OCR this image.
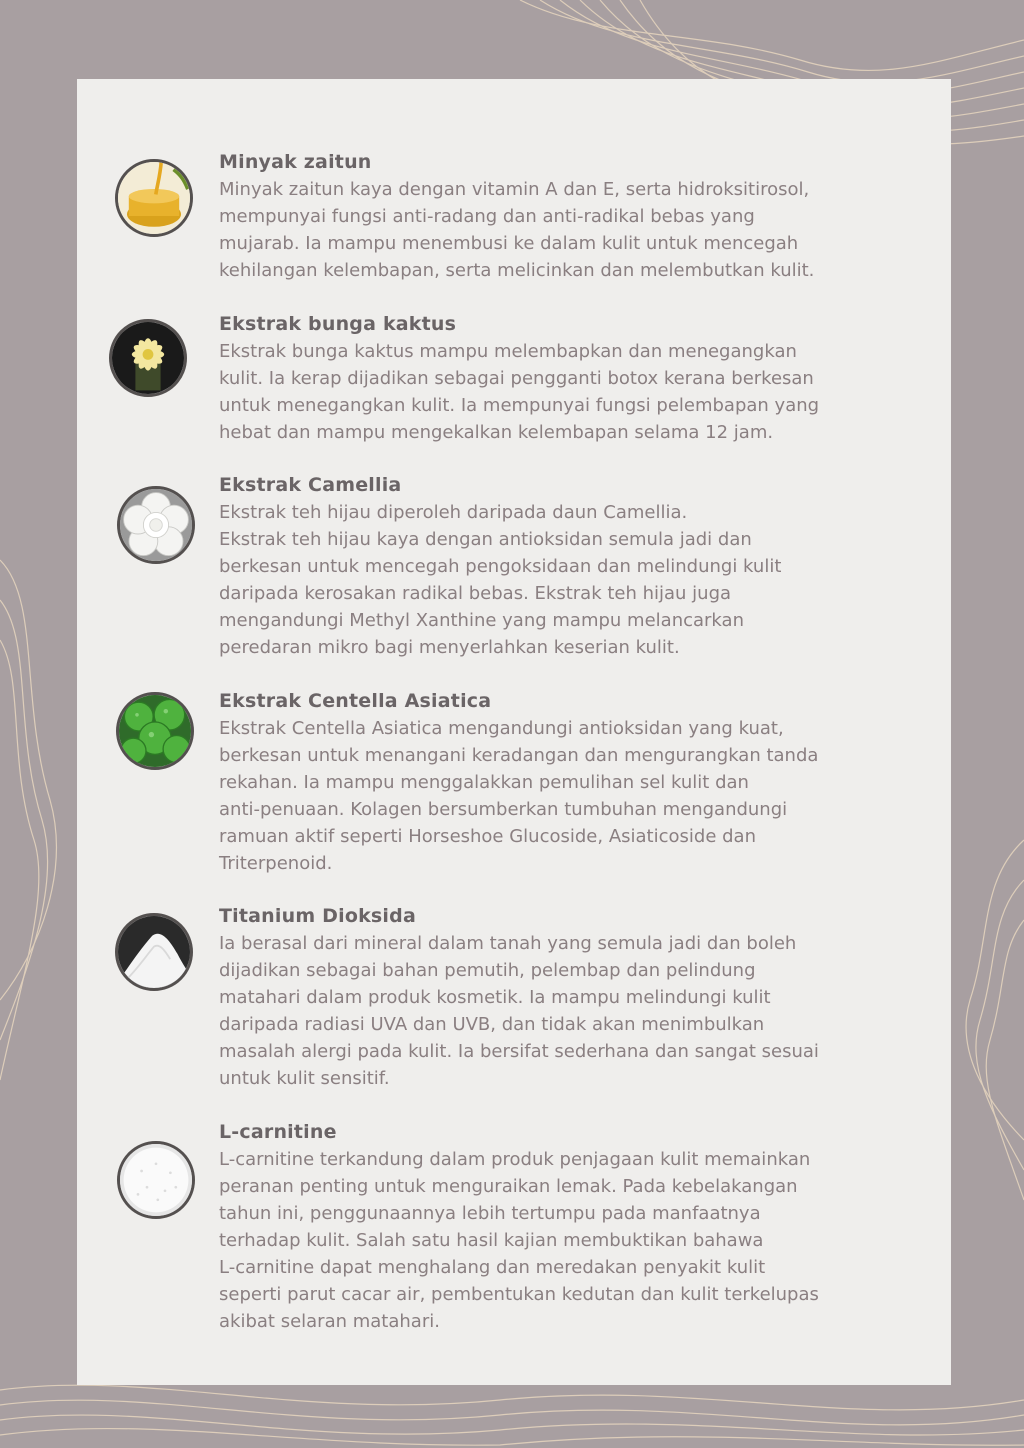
Minyak zaitun

Minyak zaitun kaya dengan vitamin A dan E, serta hidroksitirosol,
mempunyai fungsi anti-radang dan anti-radikal bebas yang
mujarab. Ia mampu menembusi ke dalam kulit untuk mencegah
kehilangan kelembapan, serta melicinkan dan melembutkan kulit.

Ekstrak bunga kaktus

Ekstrak bunga kaktus mampu melembapkan dan menegangkan
kulit. Ia kerap dijadikan sebagai pengganti botox kerana berkesan
untuk menegangkan kulit. Ia mempunyai fungsi pelembapan yang
hebat dan mampu mengekalkan kelembapan selama 12 jam.

Ekstrak Camellia

Ekstrak teh hijau diperoleh daripada daun Camellia.
Ekstrak teh hijau kaya dengan antioksidan semula jadi dan
berkesan untuk mencegah pengoksidaan dan melindungi kulit
daripada kerosakan radikal bebas. Ekstrak teh hijau juga
mengandungi Methyl Xanthine yang mampu melancarkan
peredaran mikro bagi menyerlahkan keserian kulit.

Ekstrak Centella Asiatica

Ekstrak Centella Asiatica mengandungi antioksidan yang kuat,
berkesan untuk menangani keradangan dan mengurangkan tanda
rekahan. Ia mampu menggalakkan pemulihan sel kulit dan
anti-penuaan. Kolagen bersumberkan tumbuhan mengandungi
ramuan aktif seperti Horseshoe Glucoside, Asiaticoside dan
Triterpenoid.

Titanium Dioksida

Ia berasal dari mineral dalam tanah yang semula jadi dan boleh
dijadikan sebagai bahan pemutih, pelembap dan pelindung
matahari dalam produk kosmetik. Ia mampu melindungi kulit
daripada radiasi UVA dan UVB, dan tidak akan menimbulkan
masalah alergi pada kulit. Ia bersifat sederhana dan sangat sesuai
untuk kulit sensitif.

L-carnitine

L-carnitine terkandung dalam produk penjagaan kulit memainkan
peranan penting untuk menguraikan lemak. Pada kebelakangan
tahun ini, penggunaannya lebih tertumpu pada manfaatnya
terhadap kulit. Salah satu hasil kajian membuktikan bahawa
L-carnitine dapat menghalang dan meredakan penyakit kulit
seperti parut cacar air, pembentukan kedutan dan kulit terkelupas
akibat selaran matahari.
